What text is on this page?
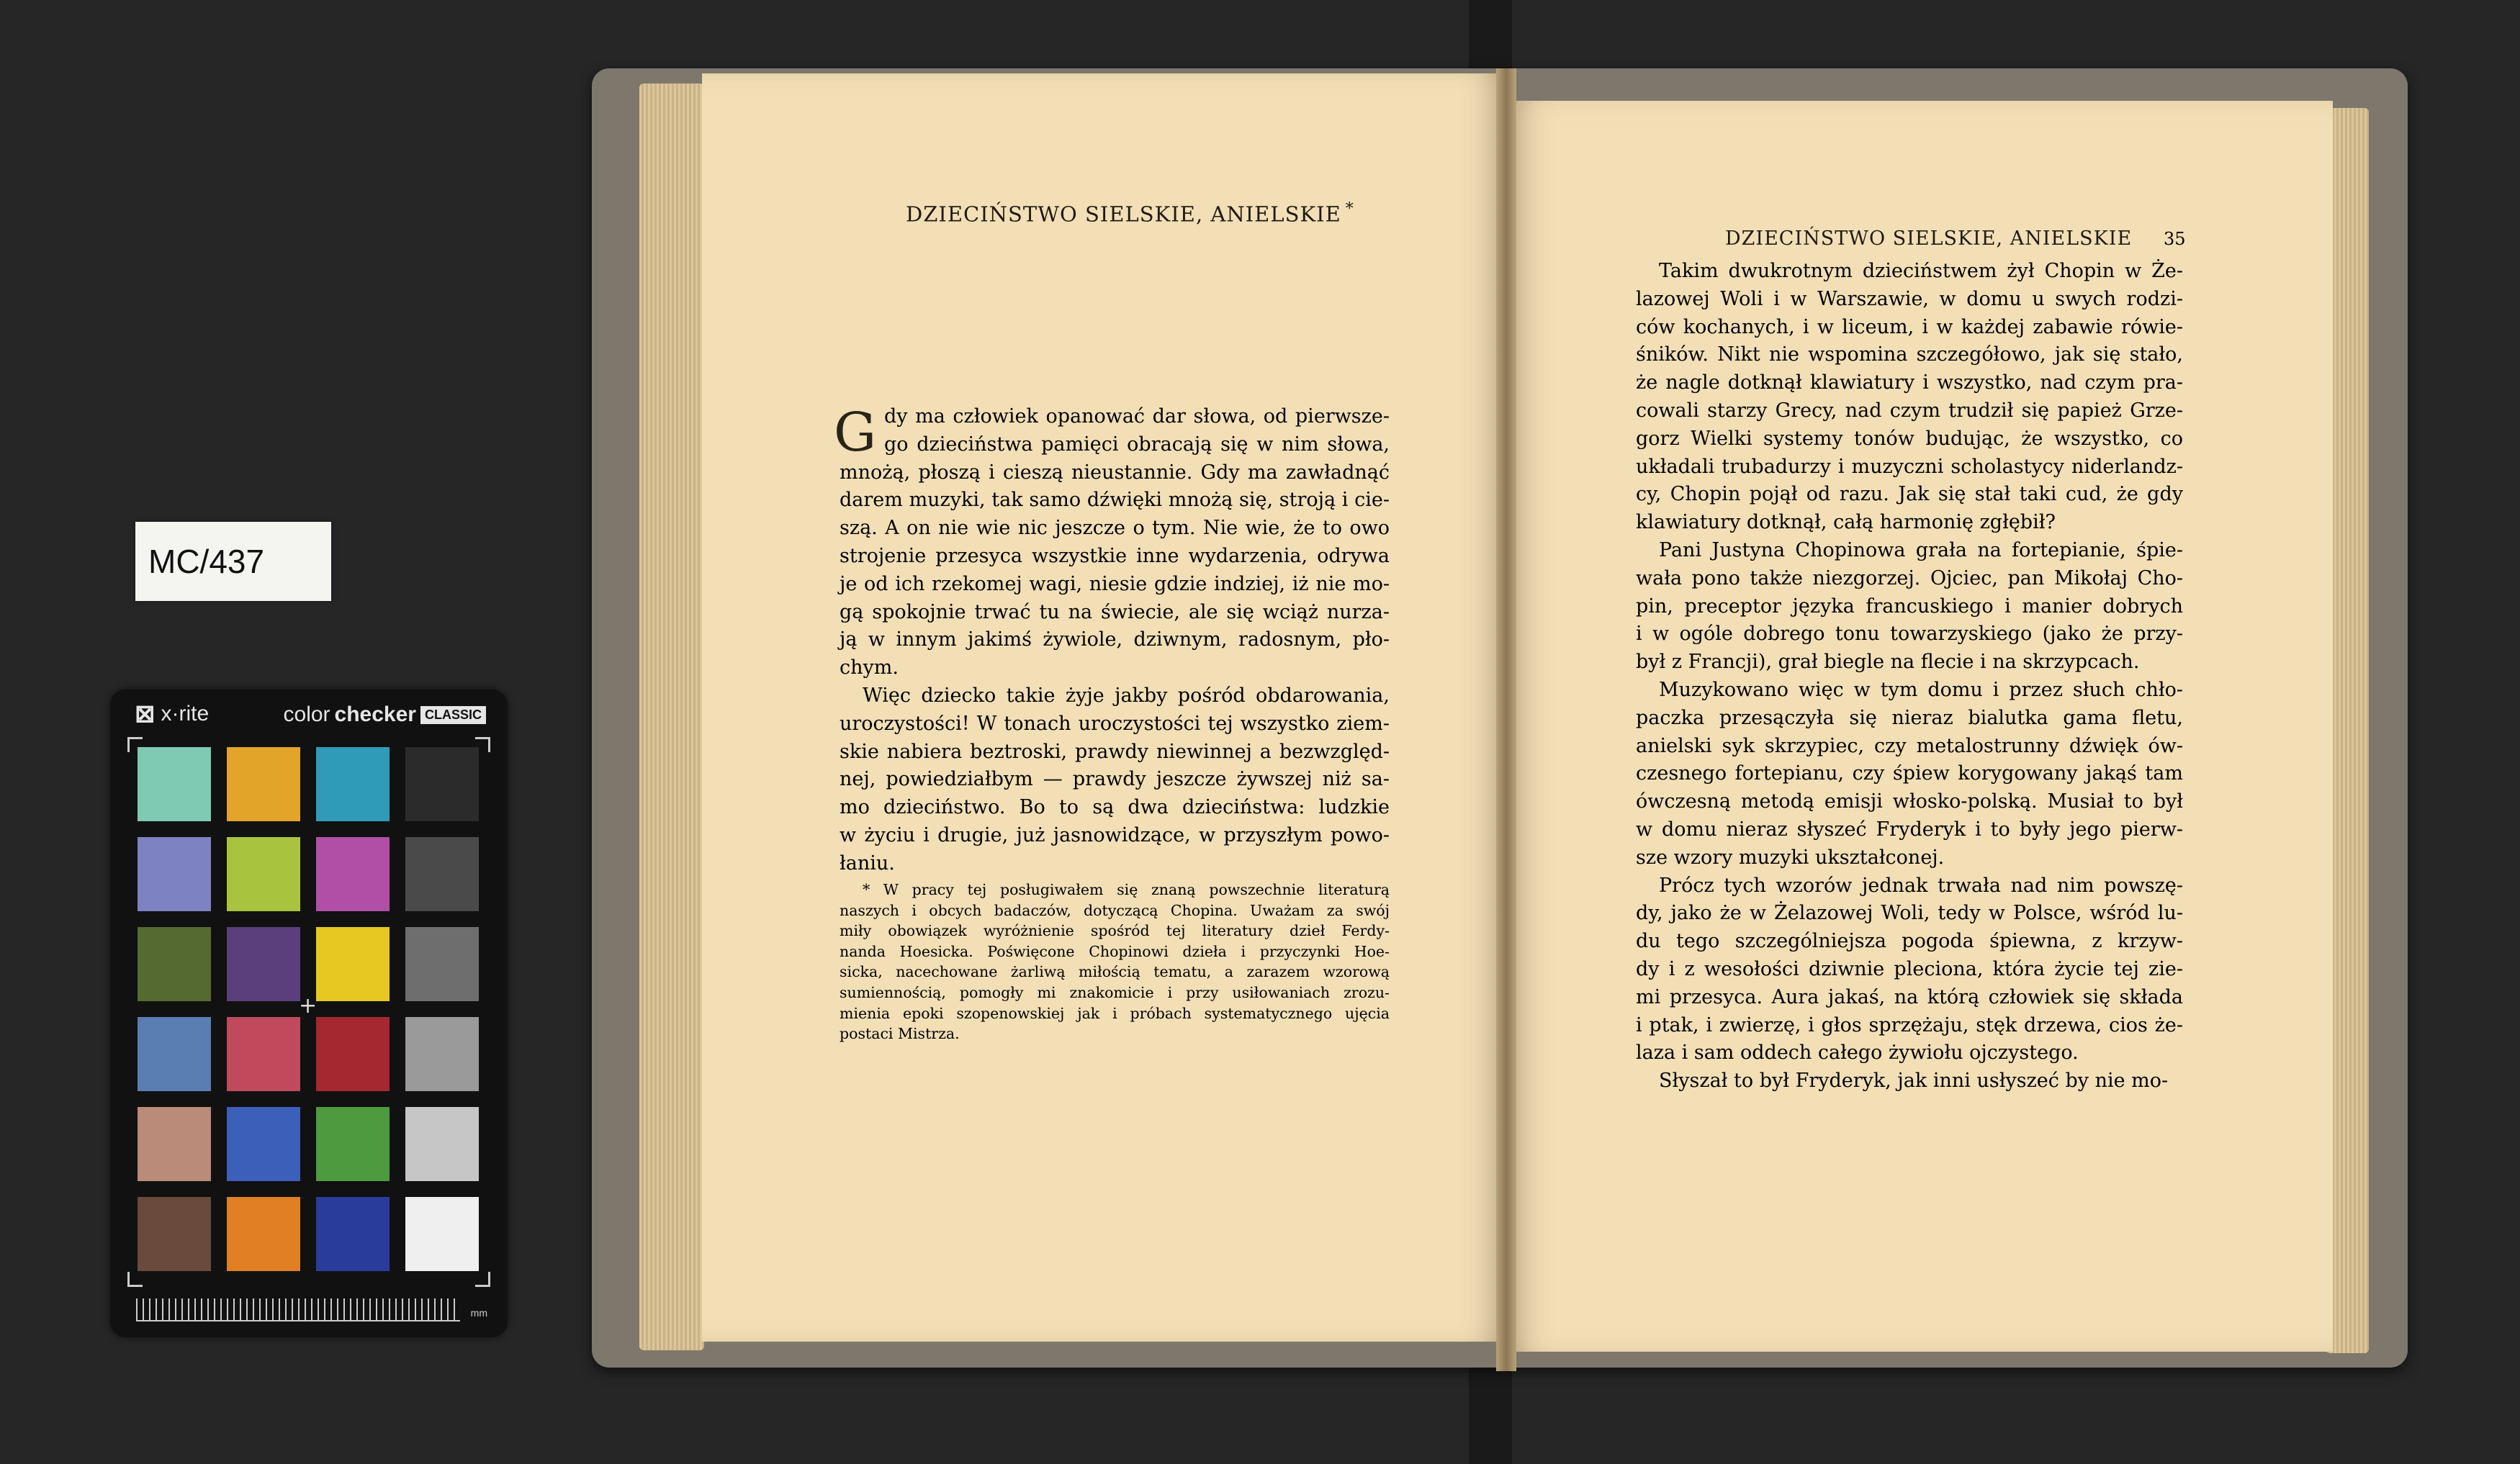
MC/437
⊠ x·rite	color checker CLASSIC
+
mm
DZIECIŃSTWO SIELSKIE, ANIELSKIE *
G dy ma człowiek opanować dar słowa, od pierwsze-
go dzieciństwa pamięci obracają się w nim słowa,
mnożą, płoszą i cieszą nieustannie. Gdy ma zawładnąć
darem muzyki, tak samo dźwięki mnożą się, stroją i cie-
szą. A on nie wie nic jeszcze o tym. Nie wie, że to owo
strojenie przesyca wszystkie inne wydarzenia, odrywa
je od ich rzekomej wagi, niesie gdzie indziej, iż nie mo-
gą spokojnie trwać tu na świecie, ale się wciąż nurza-
ją w innym jakimś żywiole, dziwnym, radosnym, pło-
chym.
Więc dziecko takie żyje jakby pośród obdarowania,
uroczystości! W tonach uroczystości tej wszystko ziem-
skie nabiera beztroski, prawdy niewinnej a bezwzględ-
nej, powiedziałbym — prawdy jeszcze żywszej niż sa-
mo dzieciństwo. Bo to są dwa dzieciństwa: ludzkie
w życiu i drugie, już jasnowidzące, w przyszłym powo-
łaniu.
* W pracy tej posługiwałem się znaną powszechnie literaturą
naszych i obcych badaczów, dotyczącą Chopina. Uważam za swój
miły obowiązek wyróżnienie spośród tej literatury dzieł Ferdy-
nanda Hoesicka. Poświęcone Chopinowi dzieła i przyczynki Hoe-
sicka, nacechowane żarliwą miłością tematu, a zarazem wzorową
sumiennością, pomogły mi znakomicie i przy usiłowaniach zrozu-
mienia epoki szopenowskiej jak i próbach systematycznego ujęcia
postaci Mistrza.
DZIECIŃSTWO SIELSKIE, ANIELSKIE 35
Takim dwukrotnym dzieciństwem żył Chopin w Że-
lazowej Woli i w Warszawie, w domu u swych rodzi-
ców kochanych, i w liceum, i w każdej zabawie rówie-
śników. Nikt nie wspomina szczegółowo, jak się stało,
że nagle dotknął klawiatury i wszystko, nad czym pra-
cowali starzy Grecy, nad czym trudził się papież Grze-
gorz Wielki systemy tonów budując, że wszystko, co
układali trubadurzy i muzyczni scholastycy niderlandz-
cy, Chopin pojął od razu. Jak się stał taki cud, że gdy
klawiatury dotknął, całą harmonię zgłębił?
Pani Justyna Chopinowa grała na fortepianie, śpie-
wała pono także niezgorzej. Ojciec, pan Mikołaj Cho-
pin, preceptor języka francuskiego i manier dobrych
i w ogóle dobrego tonu towarzyskiego (jako że przy-
był z Francji), grał biegle na flecie i na skrzypcach.
Muzykowano więc w tym domu i przez słuch chło-
paczka przesączyła się nieraz bialutka gama fletu,
anielski syk skrzypiec, czy metalostrunny dźwięk ów-
czesnego fortepianu, czy śpiew korygowany jakąś tam
ówczesną metodą emisji włosko-polską. Musiał to był
w domu nieraz słyszeć Fryderyk i to były jego pierw-
sze wzory muzyki ukształconej.
Prócz tych wzorów jednak trwała nad nim powszę-
dy, jako że w Żelazowej Woli, tedy w Polsce, wśród lu-
du tego szczególniejsza pogoda śpiewna, z krzyw-
dy i z wesołości dziwnie pleciona, która życie tej zie-
mi przesyca. Aura jakaś, na którą człowiek się składa
i ptak, i zwierzę, i głos sprzężaju, stęk drzewa, cios że-
laza i sam oddech całego żywiołu ojczystego.
Słyszał to był Fryderyk, jak inni usłyszeć by nie mo-
